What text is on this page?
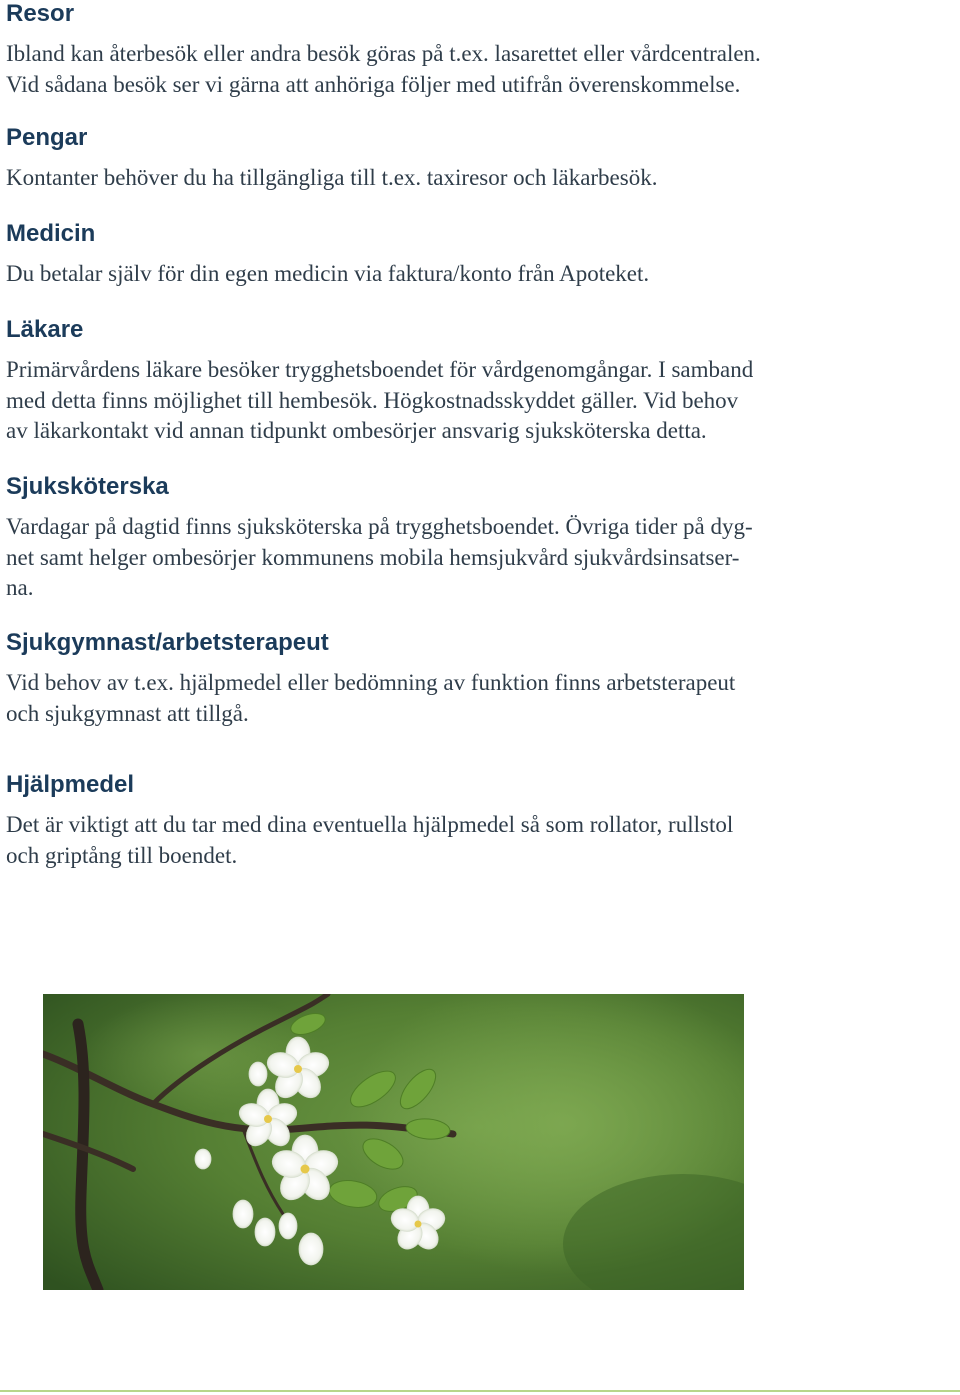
Resor

Ibland kan återbesök eller andra besök göras på t.ex. lasarettet eller vårdcentralen.
Vid sådana besök ser vi gärna att anhöriga följer med utifrån överenskommelse.

Pengar

Kontanter behöver du ha tillgängliga till t.ex. taxiresor och läkarbesök.

Medicin

Du betalar själv för din egen medicin via faktura/konto från Apoteket.

Läkare

Primärvårdens läkare besöker trygghetsboendet för vårdgenomgångar. I samband
med detta finns möjlighet till hembesök. Högkostnadsskyddet gäller. Vid behov
av läkarkontakt vid annan tidpunkt ombesörjer ansvarig sjuksköterska detta.

Sjuksköterska

Vardagar på dagtid finns sjuksköterska på trygghetsboendet. Övriga tider på dyg-
net samt helger ombesörjer kommunens mobila hemsjukvård sjukvårdsinsatser-
na.

Sjukgymnast/arbetsterapeut

Vid behov av t.ex. hjälpmedel eller bedömning av funktion finns arbetsterapeut
och sjukgymnast att tillgå.

Hjälpmedel

Det är viktigt att du tar med dina eventuella hjälpmedel så som rollator, rullstol
och griptång till boendet.
